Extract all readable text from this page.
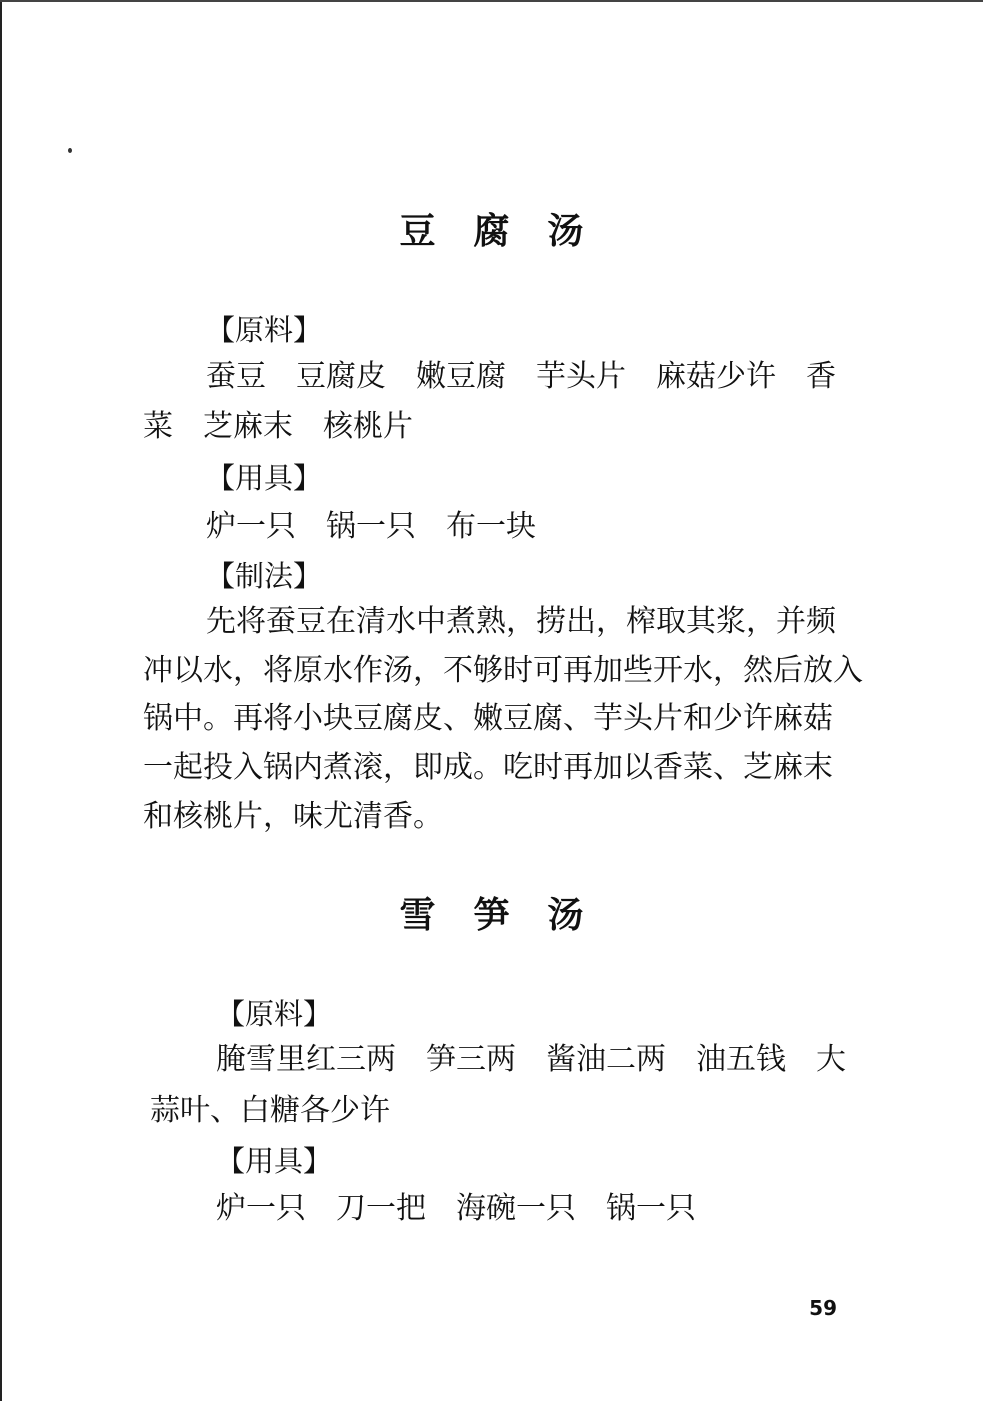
豆腐汤
【原料】
蚕豆　豆腐皮　嫩豆腐　芋头片　麻菇少许　香
菜　芝麻末　核桃片
【用具】
炉一只　锅一只　布一块
【制法】
先将蚕豆在清水中煮熟，捞出，榨取其浆，并频
冲以水，将原水作汤，不够时可再加些开水，然后放入
锅中。再将小块豆腐皮、嫩豆腐、芋头片和少许麻菇
一起投入锅内煮滚，即成。吃时再加以香菜、芝麻末
和核桃片，味尤清香。
雪笋汤
【原料】
腌雪里红三两　笋三两　酱油二两　油五钱　大
蒜叶、白糖各少许
【用具】
炉一只　刀一把　海碗一只　锅一只
59
